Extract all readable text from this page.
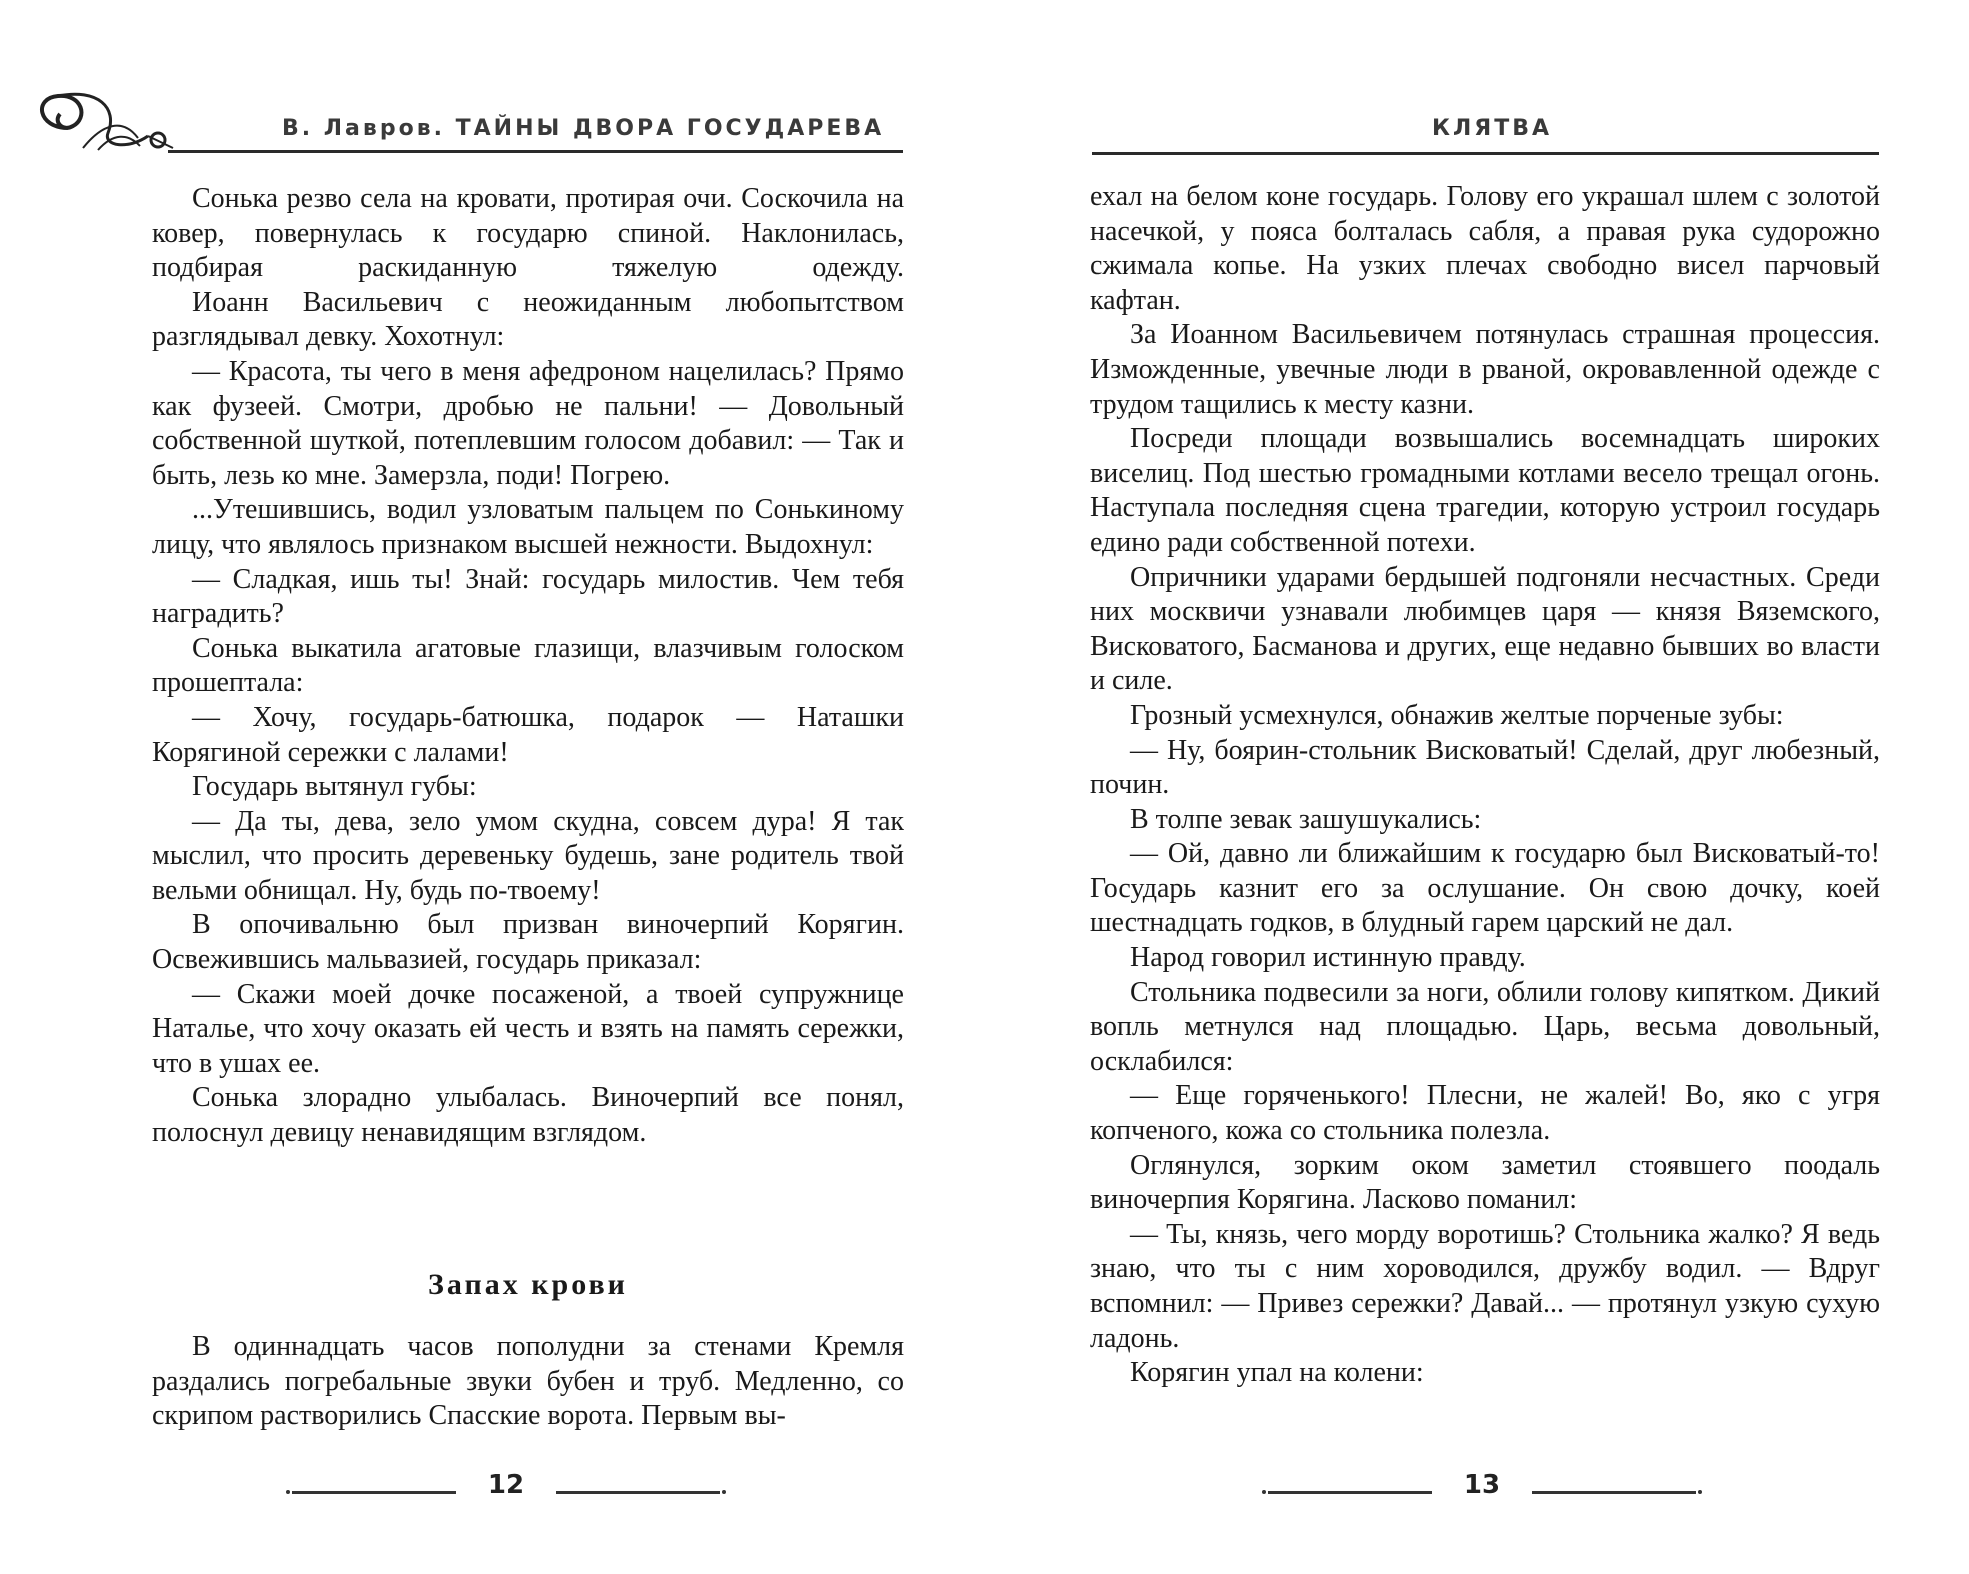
В. Лавров. ТАЙНЫ ДВОРА ГОСУДАРЕВА

Сонька резво села на кровати, протирая очи. Соскочила на ковер, повернулась к государю спиной. Наклонилась, подбирая раскиданную тяжелую одежду.

Иоанн Васильевич с неожиданным любопытством разглядывал девку. Хохотнул:

— Красота, ты чего в меня афедроном нацелилась? Прямо как фузеей. Смотри, дробью не пальни! — Довольный собственной шуткой, потеплевшим голосом добавил: — Так и быть, лезь ко мне. Замерзла, поди! Погрею.

...Утешившись, водил узловатым пальцем по Сонькиному лицу, что являлось признаком высшей нежности. Выдохнул:

— Сладкая, ишь ты! Знай: государь милостив. Чем тебя наградить?

Сонька выкатила агатовые глазищи, влазчивым голоском прошептала:

— Хочу, государь-батюшка, подарок — Наташки Корягиной сережки с лалами!

Государь вытянул губы:

— Да ты, дева, зело умом скудна, совсем дура! Я так мыслил, что просить деревеньку будешь, зане родитель твой вельми обнищал. Ну, будь по-твоему!

В опочивальню был призван виночерпий Корягин. Освежившись мальвазией, государь приказал:

— Скажи моей дочке посаженой, а твоей супружнице Наталье, что хочу оказать ей честь и взять на память сережки, что в ушах ее.

Сонька злорадно улыбалась. Виночерпий все понял, полоснул девицу ненавидящим взглядом.

Запах крови

В одиннадцать часов пополудни за стенами Кремля раздались погребальные звуки бубен и труб. Медленно, со скрипом растворились Спасские ворота. Первым вы-

12
КЛЯТВА

ехал на белом коне государь. Голову его украшал шлем с золотой насечкой, у пояса болталась сабля, а правая рука судорожно сжимала копье. На узких плечах свободно висел парчовый кафтан.

За Иоанном Васильевичем потянулась страшная процессия. Изможденные, увечные люди в рваной, окровавленной одежде с трудом тащились к месту казни.

Посреди площади возвышались восемнадцать широких виселиц. Под шестью громадными котлами весело трещал огонь. Наступала последняя сцена трагедии, которую устроил государь едино ради собственной потехи.

Опричники ударами бердышей подгоняли несчастных. Среди них москвичи узнавали любимцев царя — князя Вяземского, Висковатого, Басманова и других, еще недавно бывших во власти и силе.

Грозный усмехнулся, обнажив желтые порченые зубы:

— Ну, боярин-стольник Висковатый! Сделай, друг любезный, почин.

В толпе зевак зашушукались:

— Ой, давно ли ближайшим к государю был Висковатый-то! Государь казнит его за ослушание. Он свою дочку, коей шестнадцать годков, в блудный гарем царский не дал.

Народ говорил истинную правду.

Стольника подвесили за ноги, облили голову кипятком. Дикий вопль метнулся над площадью. Царь, весьма довольный, осклабился:

— Еще горяченького! Плесни, не жалей! Во, яко с угря копченого, кожа со стольника полезла.

Оглянулся, зорким оком заметил стоявшего поодаль виночерпия Корягина. Ласково поманил:

— Ты, князь, чего морду воротишь? Стольника жалко? Я ведь знаю, что ты с ним хороводился, дружбу водил. — Вдруг вспомнил: — Привез сережки? Давай... — протянул узкую сухую ладонь.

Корягин упал на колени:

13
